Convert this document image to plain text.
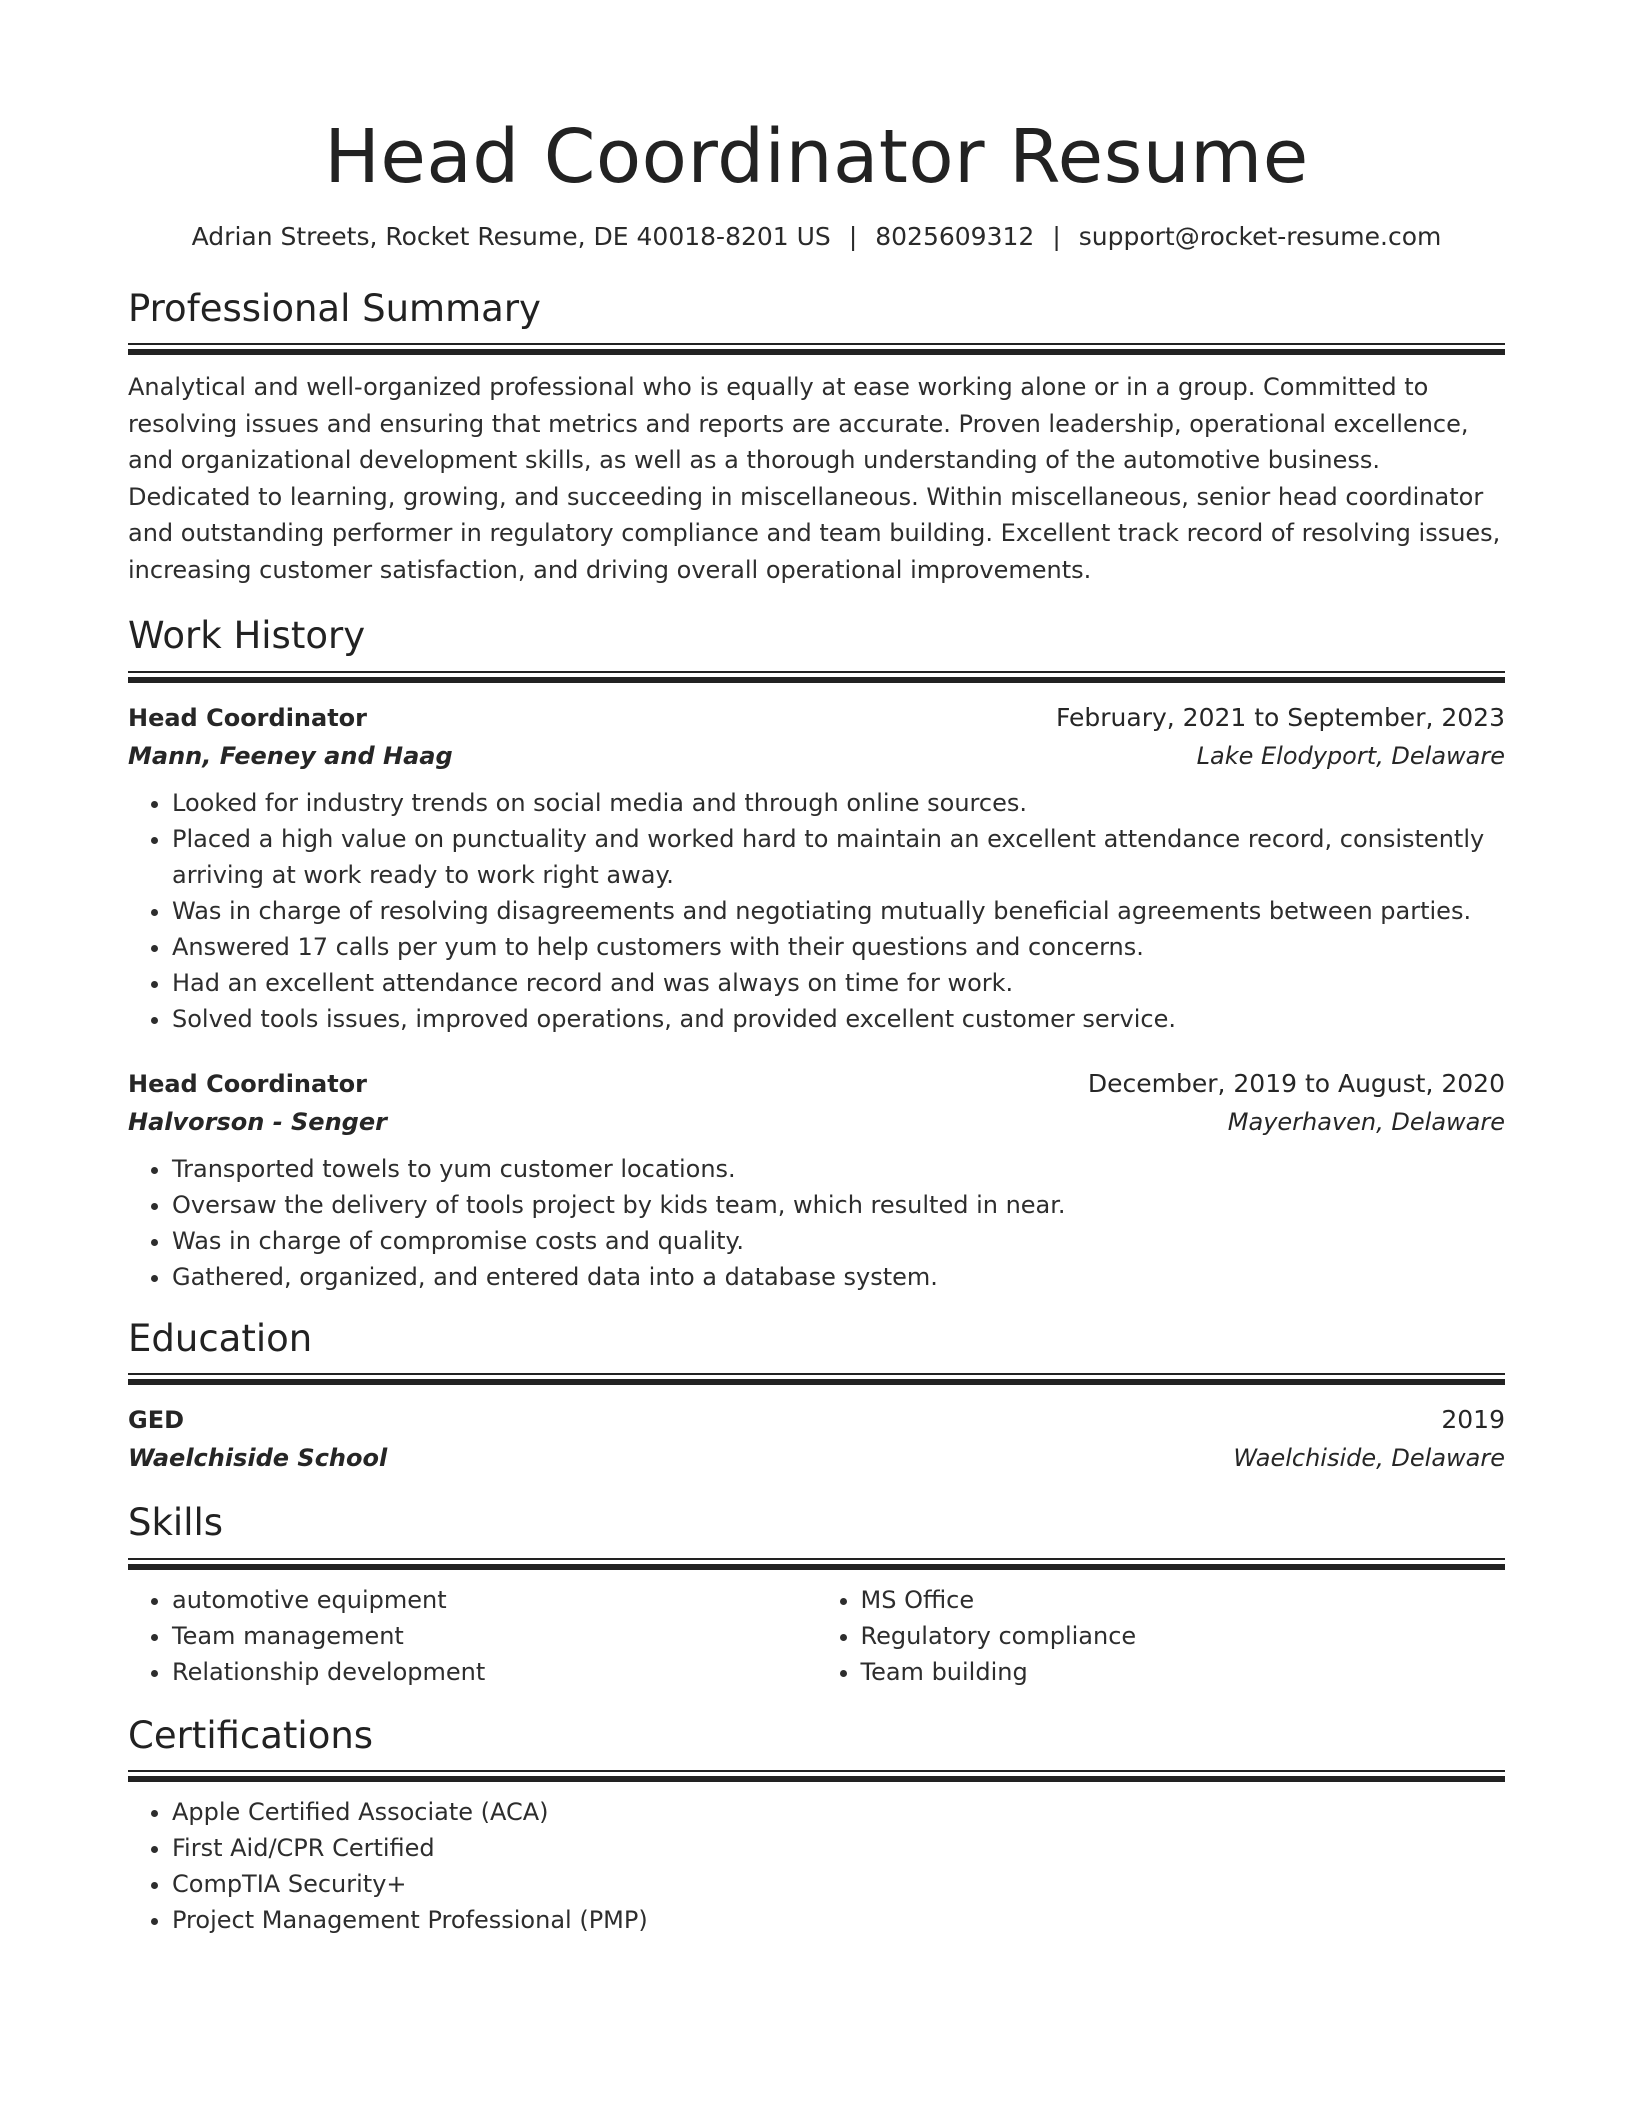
Head Coordinator Resume
Adrian Streets, Rocket Resume, DE 40018-8201 US | 8025609312 | support@rocket-resume.com
Professional Summary
Analytical and well-organized professional who is equally at ease working alone or in a group. Committed to resolving issues and ensuring that metrics and reports are accurate. Proven leadership, operational excellence, and organizational development skills, as well as a thorough understanding of the automotive business. Dedicated to learning, growing, and succeeding in miscellaneous. Within miscellaneous, senior head coordinator and outstanding performer in regulatory compliance and team building. Excellent track record of resolving issues, increasing customer satisfaction, and driving overall operational improvements.
Work History
Head Coordinator	February, 2021 to September, 2023
Mann, Feeney and Haag	Lake Elodyport, Delaware
• Looked for industry trends on social media and through online sources.
• Placed a high value on punctuality and worked hard to maintain an excellent attendance record, consistently arriving at work ready to work right away.
• Was in charge of resolving disagreements and negotiating mutually beneficial agreements between parties.
• Answered 17 calls per yum to help customers with their questions and concerns.
• Had an excellent attendance record and was always on time for work.
• Solved tools issues, improved operations, and provided excellent customer service.
Head Coordinator	December, 2019 to August, 2020
Halvorson - Senger	Mayerhaven, Delaware
• Transported towels to yum customer locations.
• Oversaw the delivery of tools project by kids team, which resulted in near.
• Was in charge of compromise costs and quality.
• Gathered, organized, and entered data into a database system.
Education
GED	2019
Waelchiside School	Waelchiside, Delaware
Skills
• automotive equipment
• Team management
• Relationship development
• MS Office
• Regulatory compliance
• Team building
Certifications
• Apple Certified Associate (ACA)
• First Aid/CPR Certified
• CompTIA Security+
• Project Management Professional (PMP)
